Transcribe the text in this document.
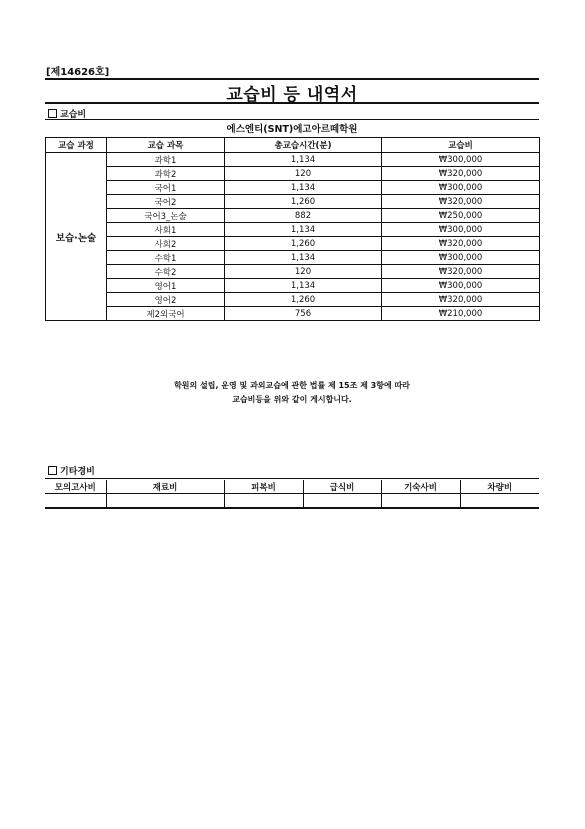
[제14626호]
교습비 등 내역서
교습비
에스엔티(SNT)에고아르떼학원
교습 과정	교습 과목	총교습시간(분)	교습비
보습·논술	과학1	1,134	₩300,000
	과학2	120	₩320,000
	국어1	1,134	₩300,000
	국어2	1,260	₩320,000
	국어3_논술	882	₩250,000
	사회1	1,134	₩300,000
	사회2	1,260	₩320,000
	수학1	1,134	₩300,000
	수학2	120	₩320,000
	영어1	1,134	₩300,000
	영어2	1,260	₩320,000
	제2외국어	756	₩210,000
학원의 설립, 운영 및 과외교습에 관한 법률 제 15조 제 3항에 따라
교습비등을 위와 같이 게시합니다.
기타경비
모의고사비	재료비	피복비	급식비	기숙사비	차량비
